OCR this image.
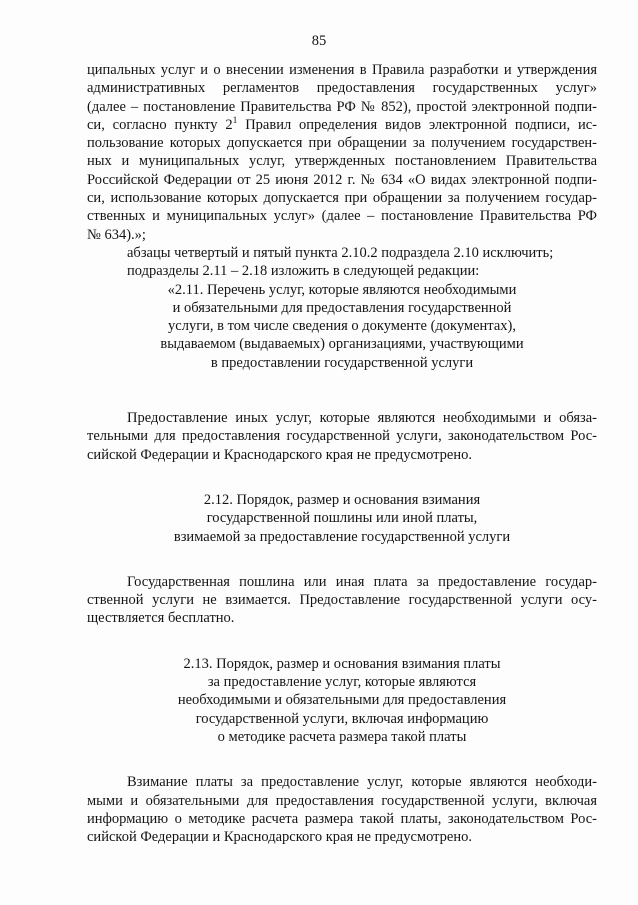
85
ципальных услуг и о внесении изменения в Правила разработки и утверждения
административных регламентов предоставления государственных услуг»
(далее – постановление Правительства РФ № 852), простой электронной подпи-
си, согласно пункту $2^1$ Правил определения видов электронной подписи, ис-
пользование которых допускается при обращении за получением государствен-
ных и муниципальных услуг, утвержденных постановлением Правительства
Российской Федерации от 25 июня 2012 г. № 634 «О видах электронной подпи-
си, использование которых допускается при обращении за получением государ-
ственных и муниципальных услуг» (далее – постановление Правительства РФ
№ 634).»;
абзацы четвертый и пятый пункта 2.10.2 подраздела 2.10 исключить;
подразделы 2.11 – 2.18 изложить в следующей редакции:
«2.11. Перечень услуг, которые являются необходимыми
и обязательными для предоставления государственной
услуги, в том числе сведения о документе (документах),
выдаваемом (выдаваемых) организациями, участвующими
в предоставлении государственной услуги
Предоставление иных услуг, которые являются необходимыми и обяза-
тельными для предоставления государственной услуги, законодательством Рос-
сийской Федерации и Краснодарского края не предусмотрено.
2.12. Порядок, размер и основания взимания
государственной пошлины или иной платы,
взимаемой за предоставление государственной услуги
Государственная пошлина или иная плата за предоставление государ-
ственной услуги не взимается. Предоставление государственной услуги осу-
ществляется бесплатно.
2.13. Порядок, размер и основания взимания платы
за предоставление услуг, которые являются
необходимыми и обязательными для предоставления
государственной услуги, включая информацию
о методике расчета размера такой платы
Взимание платы за предоставление услуг, которые являются необходи-
мыми и обязательными для предоставления государственной услуги, включая
информацию о методике расчета размера такой платы, законодательством Рос-
сийской Федерации и Краснодарского края не предусмотрено.
